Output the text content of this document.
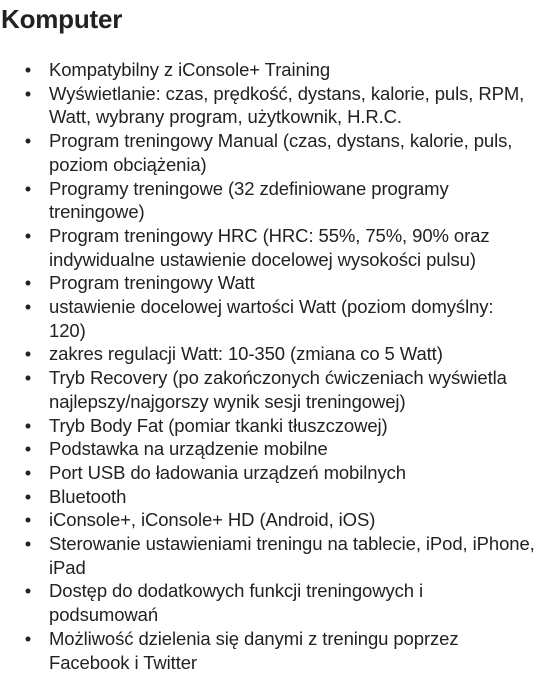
Komputer
• Kompatybilny z iConsole+ Training
• Wyświetlanie: czas, prędkość, dystans, kalorie, puls, RPM, Watt, wybrany program, użytkownik, H.R.C.
• Program treningowy Manual (czas, dystans, kalorie, puls, poziom obciążenia)
• Programy treningowe (32 zdefiniowane programy treningowe)
• Program treningowy HRC (HRC: 55%, 75%, 90% oraz indywidualne ustawienie docelowej wysokości pulsu)
• Program treningowy Watt
• ustawienie docelowej wartości Watt (poziom domyślny: 120)
• zakres regulacji Watt: 10-350 (zmiana co 5 Watt)
• Tryb Recovery (po zakończonych ćwiczeniach wyświetla najlepszy/najgorszy wynik sesji treningowej)
• Tryb Body Fat (pomiar tkanki tłuszczowej)
• Podstawka na urządzenie mobilne
• Port USB do ładowania urządzeń mobilnych
• Bluetooth
• iConsole+, iConsole+ HD (Android, iOS)
• Sterowanie ustawieniami treningu na tablecie, iPod, iPhone, iPad
• Dostęp do dodatkowych funkcji treningowych i podsumowań
• Możliwość dzielenia się danymi z treningu poprzez Facebook i Twitter
